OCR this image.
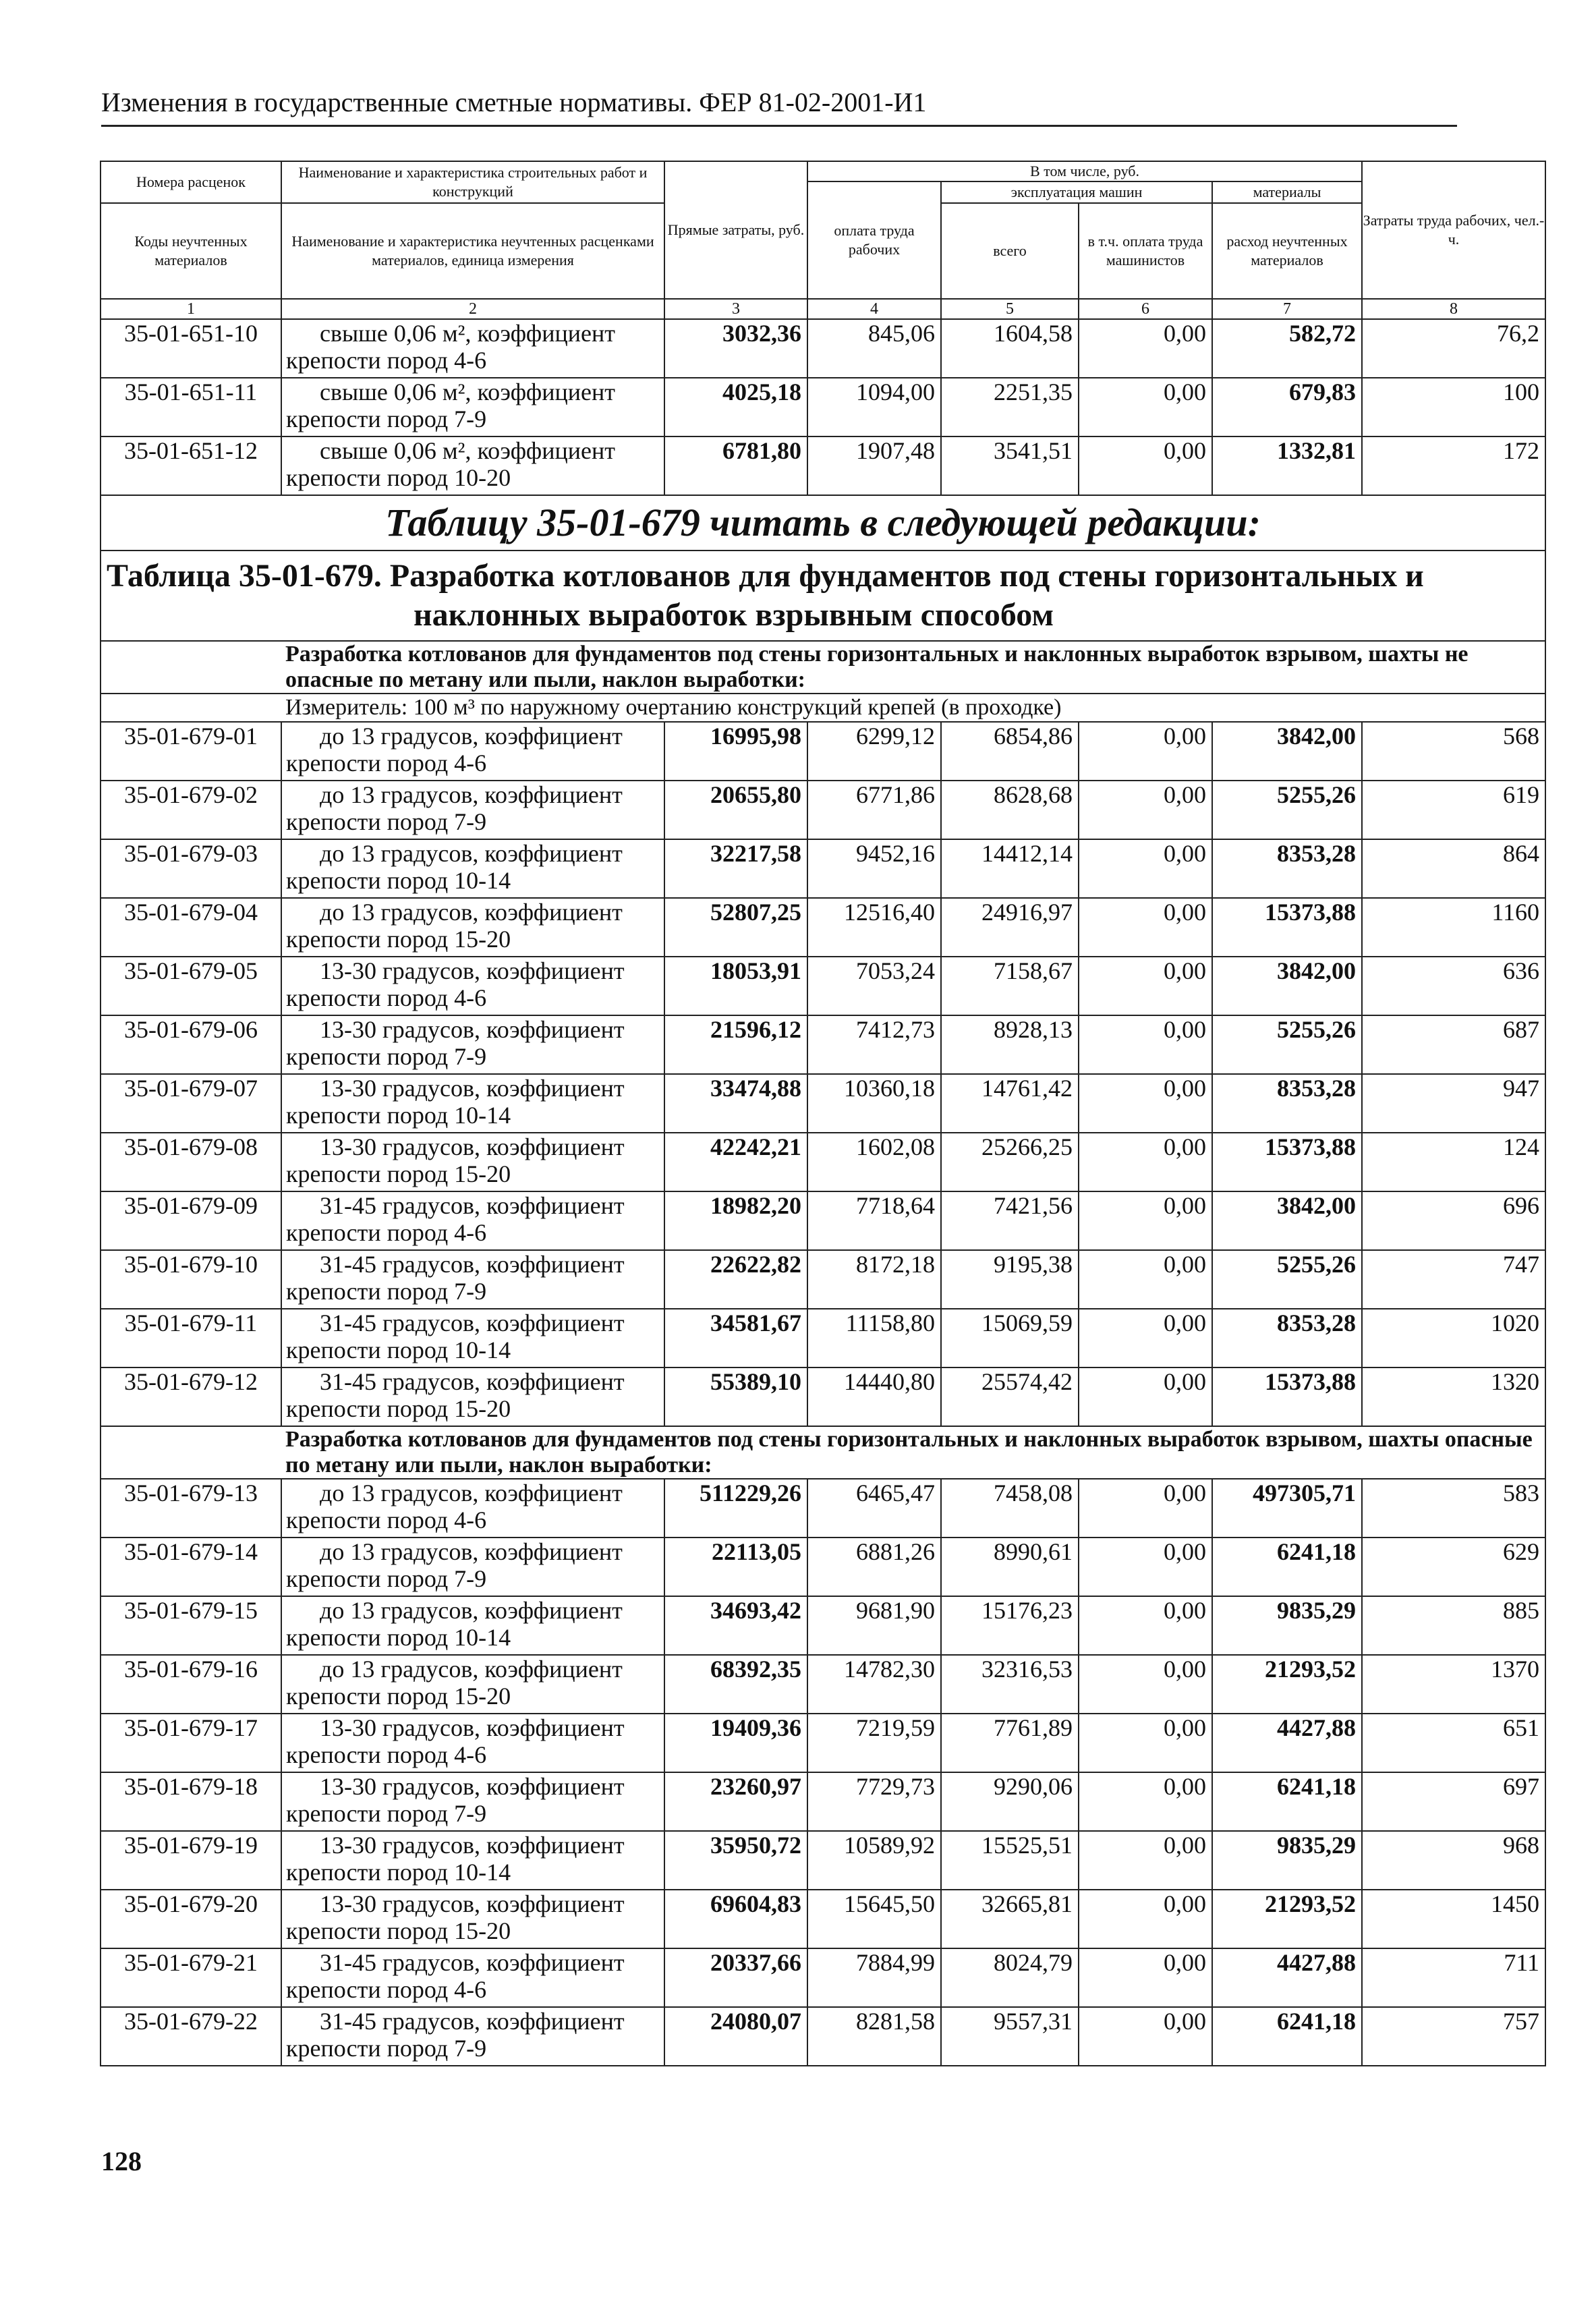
Изменения в государственные сметные нормативы. ФЕР 81-02-2001-И1
Номера расценок	Наименование и характеристика строительных работ и конструкций	Прямые затраты, руб.	В том числе, руб.				Затраты труда рабочих, чел.-ч.
			оплата труда рабочих	эксплуатация машин		материалы	
Коды неучтенных материалов	Наименование и характеристика неучтенных расценками материалов, единица измерения			всего	в т.ч. оплата труда машинистов	расход неучтенных материалов	

1	2	3	4	5	6	7	8
35-01-651-10	свыше 0,06 м², коэффициент
крепости пород 4-6	3032,36	845,06	1604,58	0,00	582,72	76,2
35-01-651-11	свыше 0,06 м², коэффициент
крепости пород 7-9	4025,18	1094,00	2251,35	0,00	679,83	100
35-01-651-12	свыше 0,06 м², коэффициент
крепости пород 10-20	6781,80	1907,48	3541,51	0,00	1332,81	172
Таблицу 35-01-679 читать в следующей редакции:							

Таблица 35-01-679. Разработка котлованов для фундаментов под стены горизонтальных и
наклонных выработок взрывным способом							

	Разработка котлованов для фундаментов под стены горизонтальных и наклонных выработок взрывом, шахты не опасные по метану или пыли, наклон выработки:						
	Измеритель: 100 м³ по наружному очертанию конструкций крепей (в проходке)						
35-01-679-01	до 13 градусов, коэффициент
крепости пород 4-6	16995,98	6299,12	6854,86	0,00	3842,00	568
35-01-679-02	до 13 градусов, коэффициент
крепости пород 7-9	20655,80	6771,86	8628,68	0,00	5255,26	619
35-01-679-03	до 13 градусов, коэффициент
крепости пород 10-14	32217,58	9452,16	14412,14	0,00	8353,28	864
35-01-679-04	до 13 градусов, коэффициент
крепости пород 15-20	52807,25	12516,40	24916,97	0,00	15373,88	1160
35-01-679-05	13-30 градусов, коэффициент
крепости пород 4-6	18053,91	7053,24	7158,67	0,00	3842,00	636
35-01-679-06	13-30 градусов, коэффициент
крепости пород 7-9	21596,12	7412,73	8928,13	0,00	5255,26	687
35-01-679-07	13-30 градусов, коэффициент
крепости пород 10-14	33474,88	10360,18	14761,42	0,00	8353,28	947
35-01-679-08	13-30 градусов, коэффициент
крепости пород 15-20	42242,21	1602,08	25266,25	0,00	15373,88	124
35-01-679-09	31-45 градусов, коэффициент
крепости пород 4-6	18982,20	7718,64	7421,56	0,00	3842,00	696
35-01-679-10	31-45 градусов, коэффициент
крепости пород 7-9	22622,82	8172,18	9195,38	0,00	5255,26	747
35-01-679-11	31-45 градусов, коэффициент
крепости пород 10-14	34581,67	11158,80	15069,59	0,00	8353,28	1020
35-01-679-12	31-45 градусов, коэффициент
крепости пород 15-20	55389,10	14440,80	25574,42	0,00	15373,88	1320
	Разработка котлованов для фундаментов под стены горизонтальных и наклонных выработок взрывом, шахты опасные по метану или пыли, наклон выработки:						
35-01-679-13	до 13 градусов, коэффициент
крепости пород 4-6	511229,26	6465,47	7458,08	0,00	497305,71	583
35-01-679-14	до 13 градусов, коэффициент
крепости пород 7-9	22113,05	6881,26	8990,61	0,00	6241,18	629
35-01-679-15	до 13 градусов, коэффициент
крепости пород 10-14	34693,42	9681,90	15176,23	0,00	9835,29	885
35-01-679-16	до 13 градусов, коэффициент
крепости пород 15-20	68392,35	14782,30	32316,53	0,00	21293,52	1370
35-01-679-17	13-30 градусов, коэффициент
крепости пород 4-6	19409,36	7219,59	7761,89	0,00	4427,88	651
35-01-679-18	13-30 градусов, коэффициент
крепости пород 7-9	23260,97	7729,73	9290,06	0,00	6241,18	697
35-01-679-19	13-30 градусов, коэффициент
крепости пород 10-14	35950,72	10589,92	15525,51	0,00	9835,29	968
35-01-679-20	13-30 градусов, коэффициент
крепости пород 15-20	69604,83	15645,50	32665,81	0,00	21293,52	1450
35-01-679-21	31-45 градусов, коэффициент
крепости пород 4-6	20337,66	7884,99	8024,79	0,00	4427,88	711
35-01-679-22	31-45 градусов, коэффициент
крепости пород 7-9	24080,07	8281,58	9557,31	0,00	6241,18	757
128
